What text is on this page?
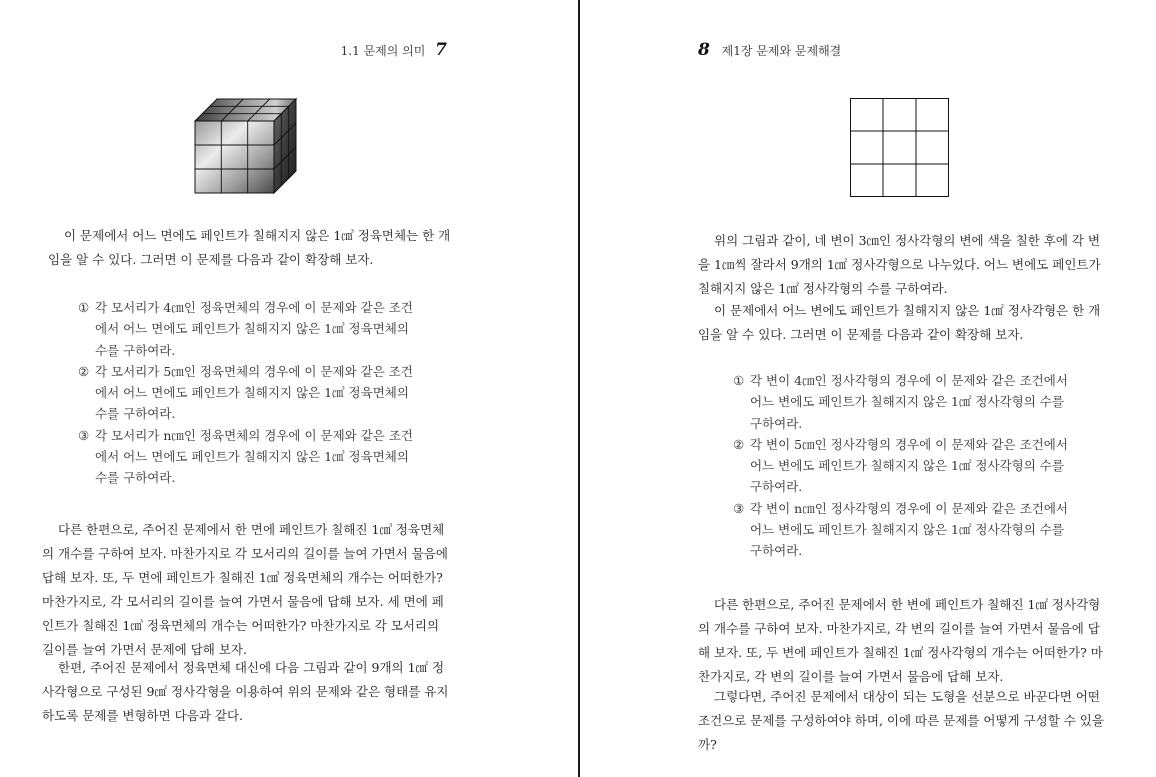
1.1 문제의 의미 7

이 문제에서 어느 면에도 페인트가 칠해지지 않은 1㎤ 정육면체는 한 개임을 알 수 있다. 그러면 이 문제를 다음과 같이 확장해 보자.

① 각 모서리가 4㎝인 정육면체의 경우에 이 문제와 같은 조건에서 어느 면에도 페인트가 칠해지지 않은 1㎤ 정육면체의 수를 구하여라.
② 각 모서리가 5㎝인 정육면체의 경우에 이 문제와 같은 조건에서 어느 면에도 페인트가 칠해지지 않은 1㎤ 정육면체의 수를 구하여라.
③ 각 모서리가 n㎝인 정육면체의 경우에 이 문제와 같은 조건에서 어느 면에도 페인트가 칠해지지 않은 1㎤ 정육면체의 수를 구하여라.

다른 한편으로, 주어진 문제에서 한 면에 페인트가 칠해진 1㎤ 정육면체의 개수를 구하여 보자. 마찬가지로 각 모서리의 길이를 늘여 가면서 물음에 답해 보자. 또, 두 면에 페인트가 칠해진 1㎤ 정육면체의 개수는 어떠한가? 마찬가지로, 각 모서리의 길이를 늘여 가면서 물음에 답해 보자. 세 면에 페인트가 칠해진 1㎤ 정육면체의 개수는 어떠한가? 마찬가지로 각 모서리의 길이를 늘여 가면서 문제에 답해 보자.

한편, 주어진 문제에서 정육면체 대신에 다음 그림과 같이 9개의 1㎠ 정사각형으로 구성된 9㎠ 정사각형을 이용하여 위의 문제와 같은 형태를 유지하도록 문제를 변형하면 다음과 같다.

8 제1장 문제와 문제해결

위의 그림과 같이, 네 변이 3㎝인 정사각형의 변에 색을 칠한 후에 각 변을 1㎝씩 잘라서 9개의 1㎠ 정사각형으로 나누었다. 어느 변에도 페인트가 칠해지지 않은 1㎠ 정사각형의 수를 구하여라.

이 문제에서 어느 변에도 페인트가 칠해지지 않은 1㎠ 정사각형은 한 개임을 알 수 있다. 그러면 이 문제를 다음과 같이 확장해 보자.

① 각 변이 4㎝인 정사각형의 경우에 이 문제와 같은 조건에서 어느 변에도 페인트가 칠해지지 않은 1㎠ 정사각형의 수를 구하여라.
② 각 변이 5㎝인 정사각형의 경우에 이 문제와 같은 조건에서 어느 변에도 페인트가 칠해지지 않은 1㎠ 정사각형의 수를 구하여라.
③ 각 변이 n㎝인 정사각형의 경우에 이 문제와 같은 조건에서 어느 변에도 페인트가 칠해지지 않은 1㎠ 정사각형의 수를 구하여라.

다른 한편으로, 주어진 문제에서 한 변에 페인트가 칠해진 1㎠ 정사각형의 개수를 구하여 보자. 마찬가지로, 각 변의 길이를 늘여 가면서 물음에 답해 보자. 또, 두 변에 페인트가 칠해진 1㎠ 정사각형의 개수는 어떠한가? 마찬가지로, 각 변의 길이를 늘여 가면서 물음에 답해 보자.

그렇다면, 주어진 문제에서 대상이 되는 도형을 선분으로 바꾼다면 어떤 조건으로 문제를 구성하여야 하며, 이에 따른 문제를 어떻게 구성할 수 있을까?
